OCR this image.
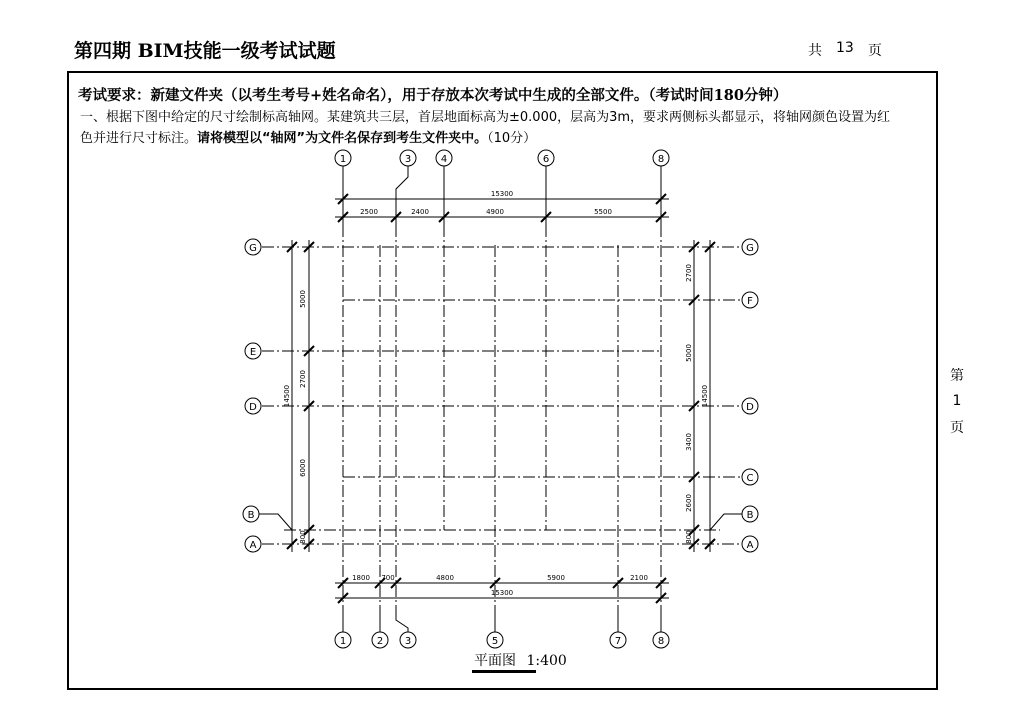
第四期 BIM技能一级考试试题	共 13 页
第
1
页
考试要求：新建文件夹（以考生考号+姓名命名），用于存放本次考试中生成的全部文件。（考试时间180分钟）
一、根据下图中给定的尺寸绘制标高轴网。某建筑共三层，首层地面标高为±0.000，层高为3m，要求两侧标头都显示，将轴网颜色设置为红色并进行尺寸标注。请将模型以“轴网”为文件名保存到考生文件夹中。（10分）
1	3	4	6	8
1	2 3	5	7	8
G
E
D
B
A
G
F
D
C
B
A
15300
2500	2400	4900	5500
1800 700	4800	5900	2100
15300
5000
2700
6000
800
14500
2700
5000
3400
2600
800
14500
平面图 1:400
